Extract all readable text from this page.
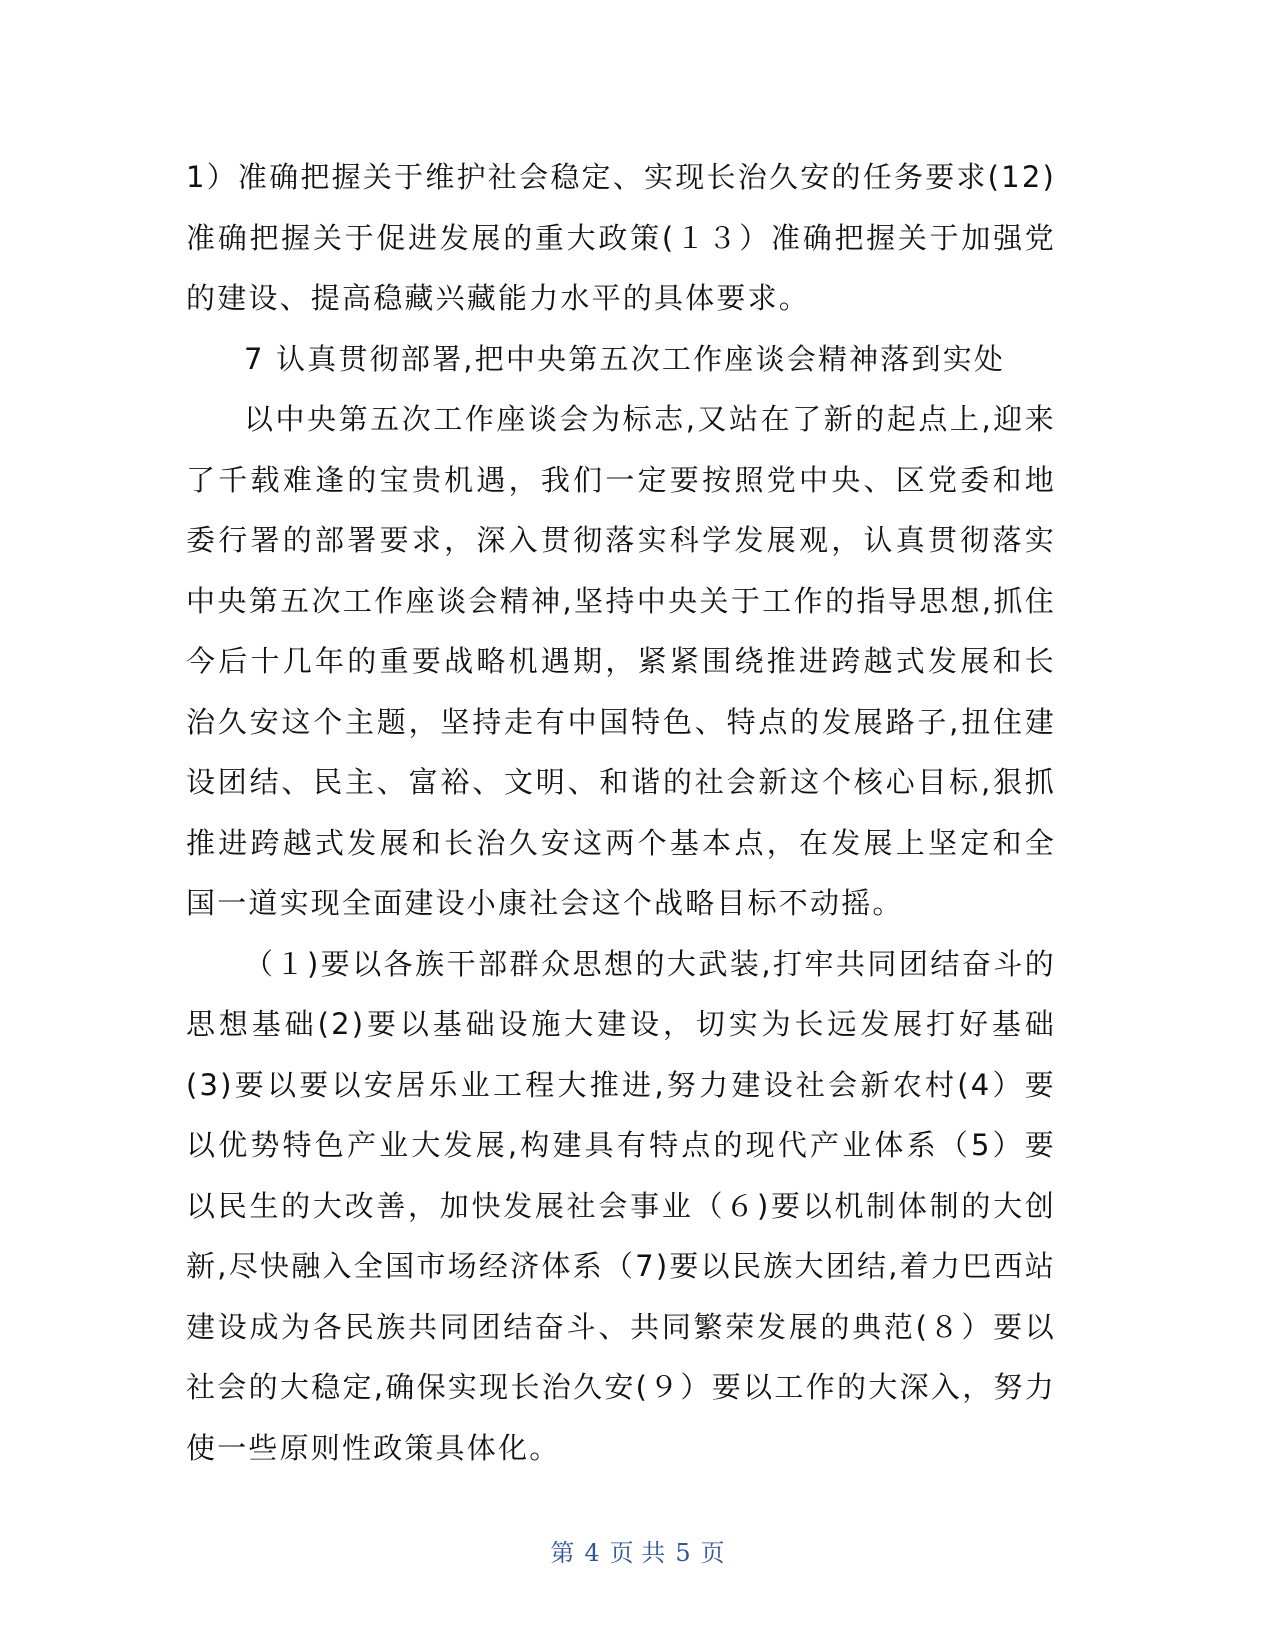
1）准确把握关于维护社会稳定、实现长治久安的任务要求(12)准确把握关于促进发展的重大政策(１３）准确把握关于加强党的建设、提高稳藏兴藏能力水平的具体要求。

7 认真贯彻部署,把中央第五次工作座谈会精神落到实处

以中央第五次工作座谈会为标志,又站在了新的起点上,迎来了千载难逢的宝贵机遇，我们一定要按照党中央、区党委和地委行署的部署要求，深入贯彻落实科学发展观，认真贯彻落实中央第五次工作座谈会精神,坚持中央关于工作的指导思想,抓住今后十几年的重要战略机遇期，紧紧围绕推进跨越式发展和长治久安这个主题，坚持走有中国特色、特点的发展路子,扭住建设团结、民主、富裕、文明、和谐的社会新这个核心目标,狠抓推进跨越式发展和长治久安这两个基本点，在发展上坚定和全国一道实现全面建设小康社会这个战略目标不动摇。

（１)要以各族干部群众思想的大武装,打牢共同团结奋斗的思想基础(2)要以基础设施大建设，切实为长远发展打好基础(3)要以要以安居乐业工程大推进,努力建设社会新农村(4）要以优势特色产业大发展,构建具有特点的现代产业体系（5）要以民生的大改善，加快发展社会事业（６)要以机制体制的大创新,尽快融入全国市场经济体系（7)要以民族大团结,着力巴西站建设成为各民族共同团结奋斗、共同繁荣发展的典范(８）要以社会的大稳定,确保实现长治久安(９）要以工作的大深入，努力使一些原则性政策具体化。

第 4 页 共 5 页
